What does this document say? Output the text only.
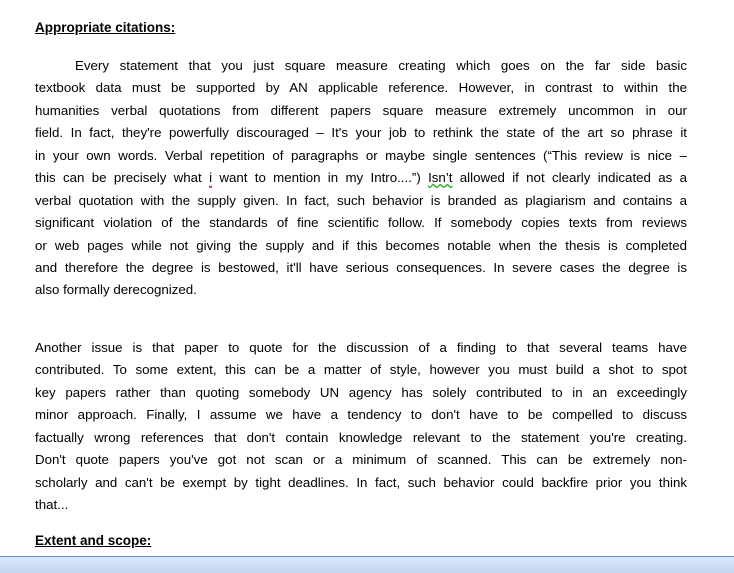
Appropriate citations:
Every statement that you just square measure creating which goes on the far side basic
textbook data must be supported by AN applicable reference. However, in contrast to within the
humanities verbal quotations from different papers square measure extremely uncommon in our
field. In fact, they're powerfully discouraged – It's your job to rethink the state of the art so phrase it
in your own words. Verbal repetition of paragraphs or maybe single sentences (“This review is nice –
this can be precisely what i want to mention in my Intro....”) Isn’t allowed if not clearly indicated as a
verbal quotation with the supply given. In fact, such behavior is branded as plagiarism and contains a
significant violation of the standards of fine scientific follow. If somebody copies texts from reviews
or web pages while not giving the supply and if this becomes notable when the thesis is completed
and therefore the degree is bestowed, it'll have serious consequences. In severe cases the degree is
also formally derecognized.
Another issue is that paper to quote for the discussion of a finding to that several teams have
contributed. To some extent, this can be a matter of style, however you must build a shot to spot
key papers rather than quoting somebody UN agency has solely contributed to in an exceedingly
minor approach. Finally, I assume we have a tendency to don't have to be compelled to discuss
factually wrong references that don't contain knowledge relevant to the statement you're creating.
Don't quote papers you've got not scan or a minimum of scanned. This can be extremely non-
scholarly and can't be exempt by tight deadlines. In fact, such behavior could backfire prior you think
that...
Extent and scope:
